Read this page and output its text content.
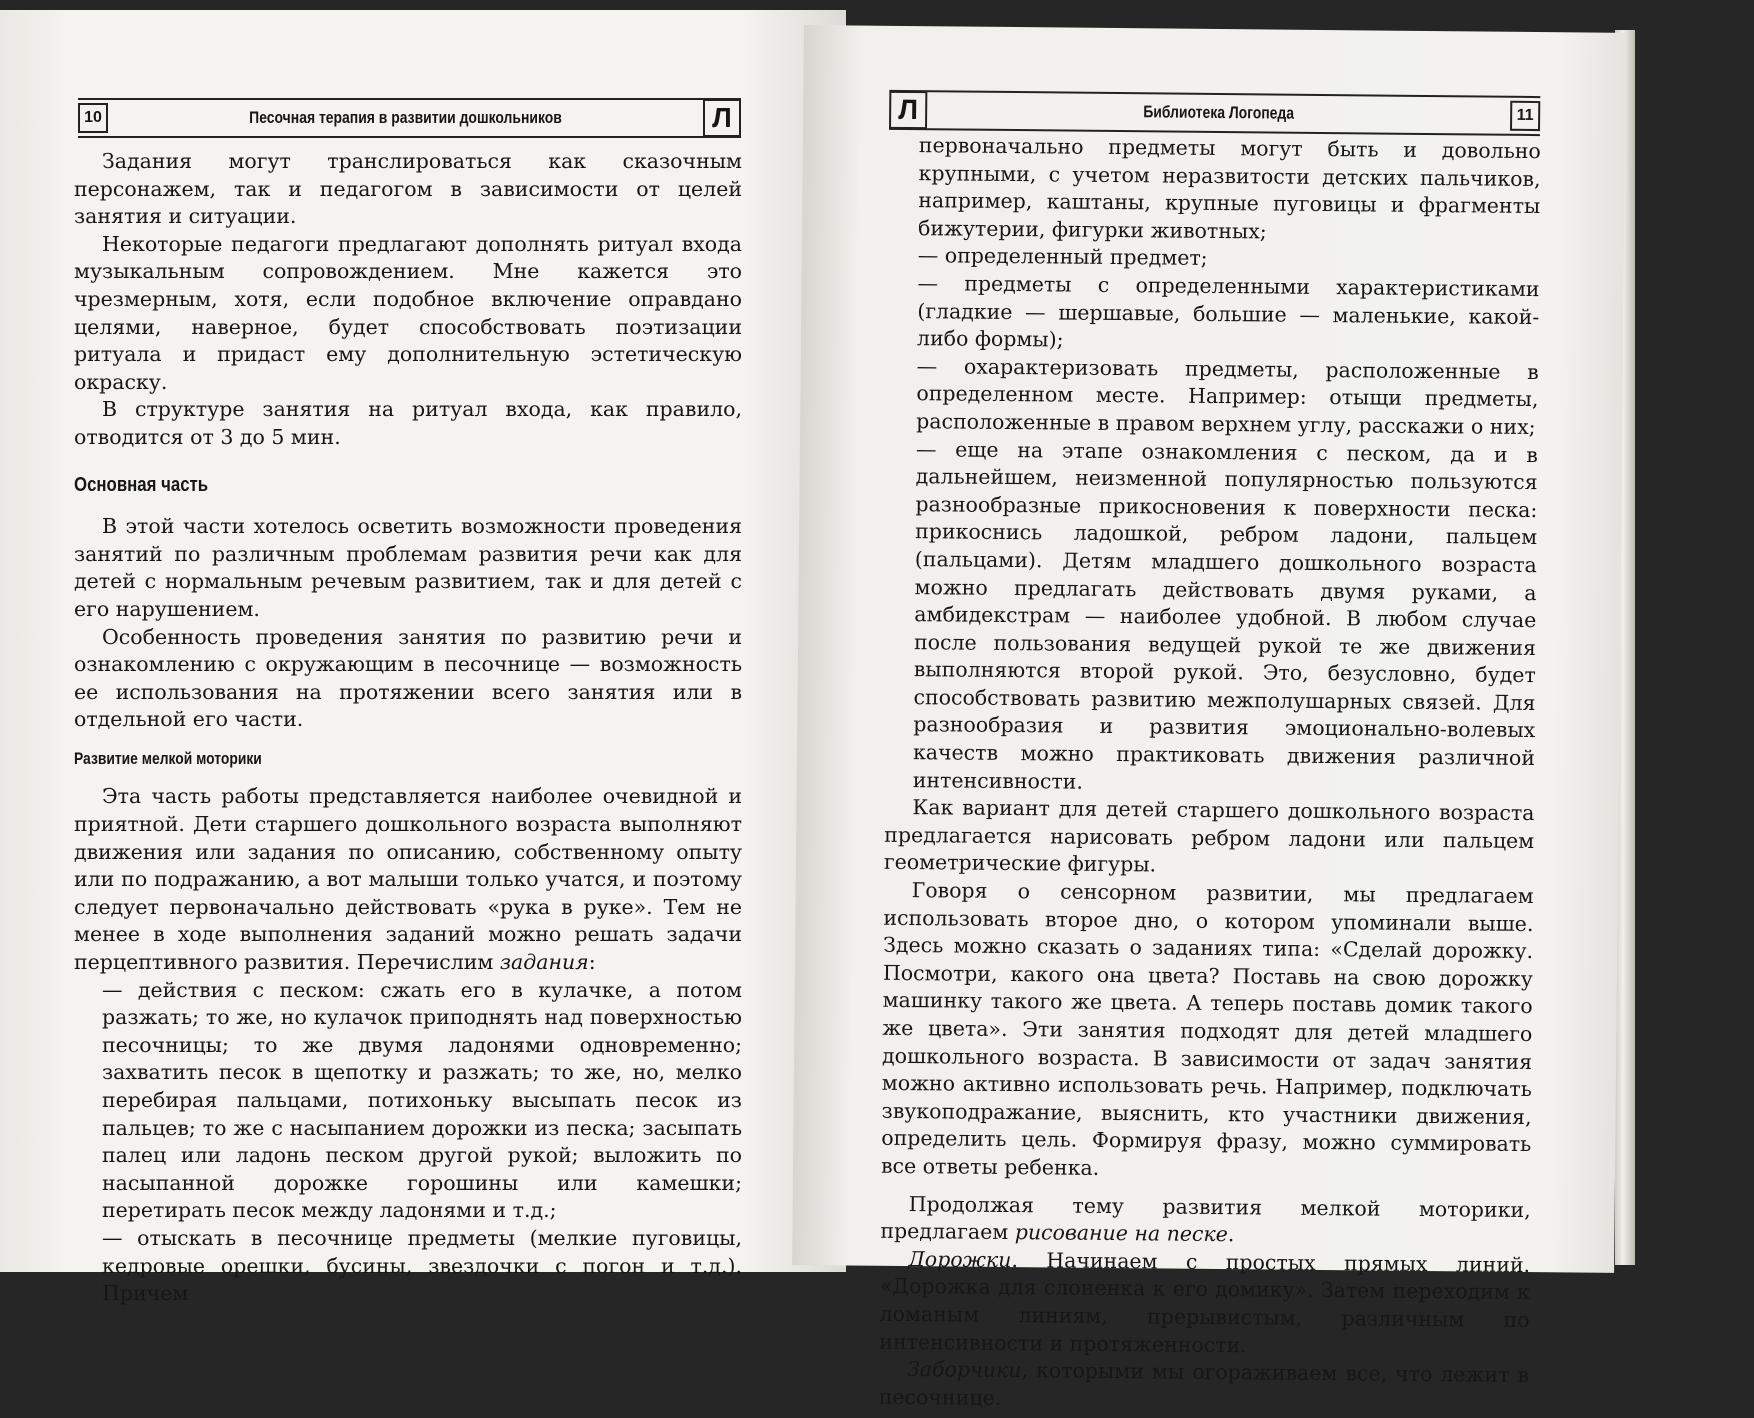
10	Песочная терапия в развитии дошкольников	Л

Задания могут транслироваться как сказочным персонажем, так и педагогом в зависимости от целей занятия и ситуации.

Некоторые педагоги предлагают дополнять ритуал входа музыкальным сопровождением. Мне кажется это чрезмерным, хотя, если подобное включение оправдано целями, наверное, будет способствовать поэтизации ритуала и придаст ему дополнительную эстетическую окраску.

В структуре занятия на ритуал входа, как правило, отводится от 3 до 5 мин.

Основная часть

В этой части хотелось осветить возможности проведения занятий по различным проблемам развития речи как для детей с нормальным речевым развитием, так и для детей с его нарушением.

Особенность проведения занятия по развитию речи и ознакомлению с окружающим в песочнице — возможность ее использования на протяжении всего занятия или в отдельной его части.

Развитие мелкой моторики

Эта часть работы представляется наиболее очевидной и приятной. Дети старшего дошкольного возраста выполняют движения или задания по описанию, собственному опыту или по подражанию, а вот малыши только учатся, и поэтому следует первоначально действовать «рука в руке». Тем не менее в ходе выполнения заданий можно решать задачи перцептивного развития. Перечислим задания:

— действия с песком: сжать его в кулачке, а потом разжать; то же, но кулачок приподнять над поверхностью песочницы; то же двумя ладонями одновременно; захватить песок в щепотку и разжать; то же, но, мелко перебирая пальцами, потихоньку высыпать песок из пальцев; то же с насыпанием дорожки из песка; засыпать палец или ладонь песком другой рукой; выложить по насыпанной дорожке горошины или камешки; перетирать песок между ладонями и т.д.;

— отыскать в песочнице предметы (мелкие пуговицы, кедровые орешки, бусины, звездочки с погон и т.д.). Причем

Л	Библиотека Логопеда	11

первоначально предметы могут быть и довольно крупными, с учетом неразвитости детских пальчиков, например, каштаны, крупные пуговицы и фрагменты бижутерии, фигурки животных;

— определенный предмет;

— предметы с определенными характеристиками (гладкие — шершавые, большие — маленькие, какой-либо формы);

— охарактеризовать предметы, расположенные в определенном месте. Например: отыщи предметы, расположенные в правом верхнем углу, расскажи о них;

— еще на этапе ознакомления с песком, да и в дальнейшем, неизменной популярностью пользуются разнообразные прикосновения к поверхности песка: прикоснись ладошкой, ребром ладони, пальцем (пальцами). Детям младшего дошкольного возраста можно предлагать действовать двумя руками, а амбидекстрам — наиболее удобной. В любом случае после пользования ведущей рукой те же движения выполняются второй рукой. Это, безусловно, будет способствовать развитию межполушарных связей. Для разнообразия и развития эмоционально-волевых качеств можно практиковать движения различной интенсивности.

Как вариант для детей старшего дошкольного возраста предлагается нарисовать ребром ладони или пальцем геометрические фигуры.

Говоря о сенсорном развитии, мы предлагаем использовать второе дно, о котором упоминали выше. Здесь можно сказать о заданиях типа: «Сделай дорожку. Посмотри, какого она цвета? Поставь на свою дорожку машинку такого же цвета. А теперь поставь домик такого же цвета». Эти занятия подходят для детей младшего дошкольного возраста. В зависимости от задач занятия можно активно использовать речь. Например, подключать звукоподражание, выяснить, кто участники движения, определить цель. Формируя фразу, можно суммировать все ответы ребенка.

Продолжая тему развития мелкой моторики, предлагаем рисование на песке.

Дорожки. Начинаем с простых прямых линий. «Дорожка для слоненка к его домику». Затем переходим к ломаным линиям, прерывистым, различным по интенсивности и протяженности.

Заборчики, которыми мы огораживаем все, что лежит в песочнице.
